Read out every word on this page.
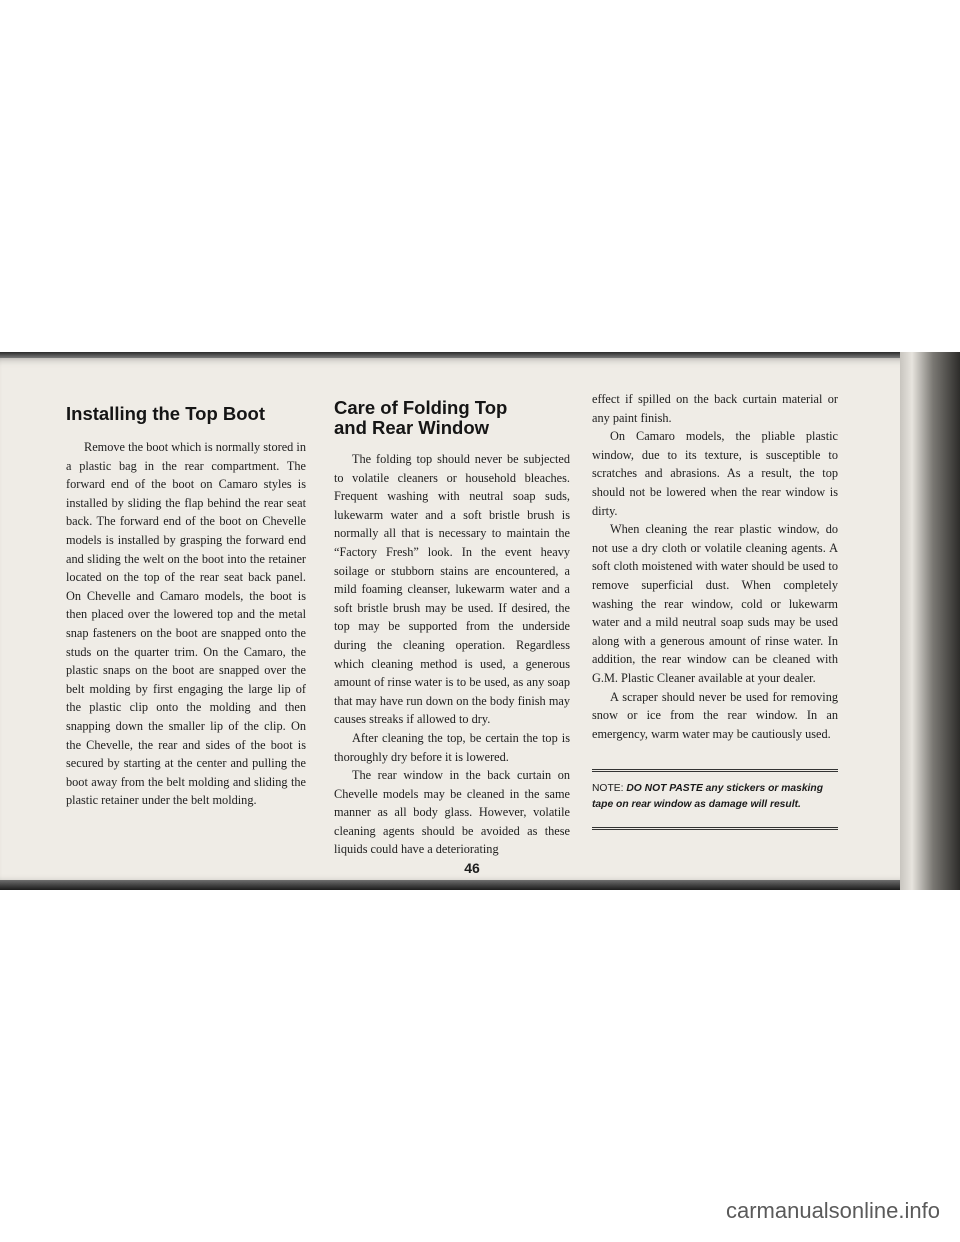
Installing the Top Boot

Remove the boot which is normally stored in a plastic bag in the rear compartment. The forward end of the boot on Camaro styles is installed by sliding the flap behind the rear seat back. The forward end of the boot on Chevelle models is installed by grasping the forward end and sliding the welt on the boot into the retainer located on the top of the rear seat back panel. On Chevelle and Camaro models, the boot is then placed over the lowered top and the metal snap fasteners on the boot are snapped onto the studs on the quarter trim. On the Camaro, the plastic snaps on the boot are snapped over the belt molding by first engaging the large lip of the plastic clip onto the molding and then snapping down the smaller lip of the clip. On the Chevelle, the rear and sides of the boot is secured by starting at the center and pulling the boot away from the belt molding and sliding the plastic retainer under the belt molding.

Care of Folding Top
and Rear Window

The folding top should never be subjected to volatile cleaners or household bleaches. Frequent washing with neutral soap suds, lukewarm water and a soft bristle brush is normally all that is necessary to maintain the “Factory Fresh” look. In the event heavy soilage or stubborn stains are encountered, a mild foaming cleanser, lukewarm water and a soft bristle brush may be used. If desired, the top may be supported from the underside during the cleaning operation. Regardless which cleaning method is used, a generous amount of rinse water is to be used, as any soap that may have run down on the body finish may causes streaks if allowed to dry.

After cleaning the top, be certain the top is thoroughly dry before it is lowered.

The rear window in the back curtain on Chevelle models may be cleaned in the same manner as all body glass. However, volatile cleaning agents should be avoided as these liquids could have a deteriorating

effect if spilled on the back curtain material or any paint finish.

On Camaro models, the pliable plastic window, due to its texture, is susceptible to scratches and abrasions. As a result, the top should not be lowered when the rear window is dirty.

When cleaning the rear plastic window, do not use a dry cloth or volatile cleaning agents. A soft cloth moistened with water should be used to remove superficial dust. When completely washing the rear window, cold or lukewarm water and a mild neutral soap suds may be used along with a generous amount of rinse water. In addition, the rear window can be cleaned with G.M. Plastic Cleaner available at your dealer.

A scraper should never be used for removing snow or ice from the rear window. In an emergency, warm water may be cautiously used.

NOTE: DO NOT PASTE any stickers or masking tape on rear window as damage will result.
46
carmanualsonline.info
